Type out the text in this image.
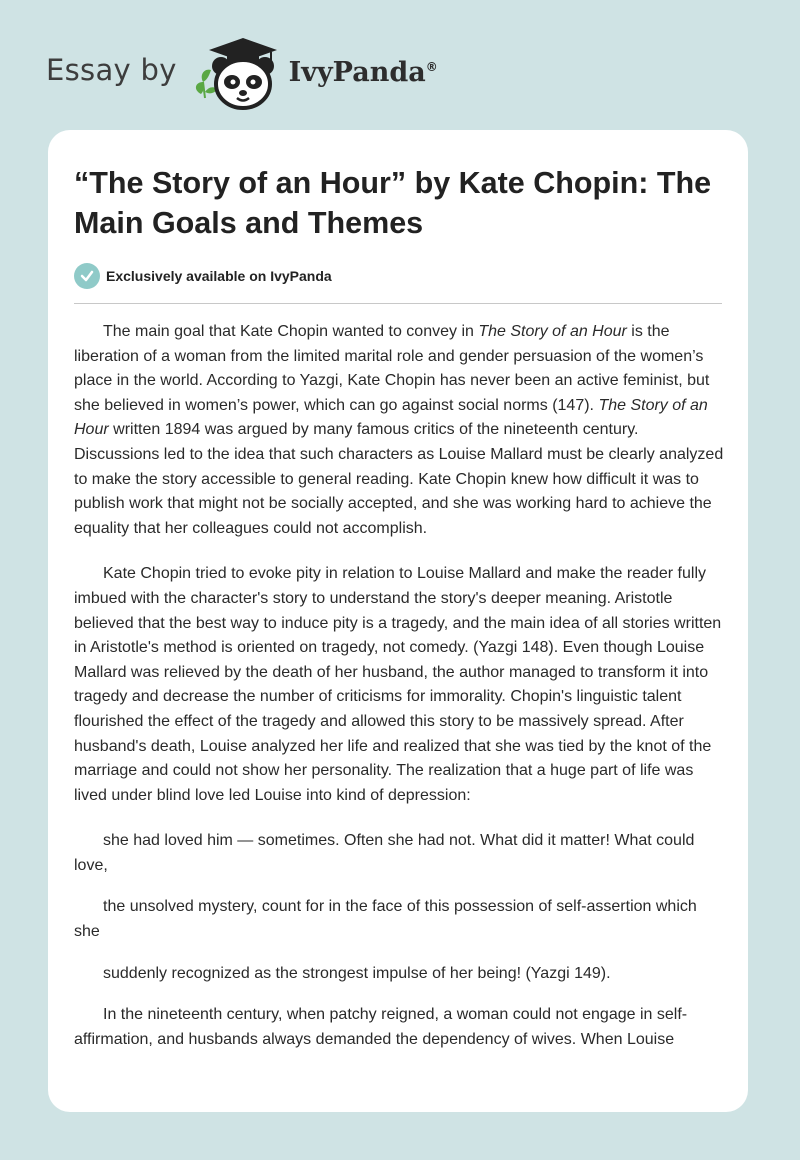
Essay by	IvyPanda®
“The Story of an Hour” by Kate Chopin: The Main Goals and Themes
Exclusively available on IvyPanda

The main goal that Kate Chopin wanted to convey in The Story of an Hour is the liberation of a woman from the limited marital role and gender persuasion of the women’s place in the world. According to Yazgi, Kate Chopin has never been an active feminist, but she believed in women’s power, which can go against social norms (147). The Story of an Hour written 1894 was argued by many famous critics of the nineteenth century. Discussions led to the idea that such characters as Louise Mallard must be clearly analyzed to make the story accessible to general reading. Kate Chopin knew how difficult it was to publish work that might not be socially accepted, and she was working hard to achieve the equality that her colleagues could not accomplish.

Kate Chopin tried to evoke pity in relation to Louise Mallard and make the reader fully imbued with the character's story to understand the story's deeper meaning. Aristotle believed that the best way to induce pity is a tragedy, and the main idea of all stories written in Aristotle's method is oriented on tragedy, not comedy. (Yazgi 148). Even though Louise Mallard was relieved by the death of her husband, the author managed to transform it into tragedy and decrease the number of criticisms for immorality. Chopin's linguistic talent flourished the effect of the tragedy and allowed this story to be massively spread. After husband's death, Louise analyzed her life and realized that she was tied by the knot of the marriage and could not show her personality. The realization that a huge part of life was lived under blind love led Louise into kind of depression:

she had loved him — sometimes. Often she had not. What did it matter! What could love,

the unsolved mystery, count for in the face of this possession of self-assertion which she

suddenly recognized as the strongest impulse of her being! (Yazgi 149).

In the nineteenth century, when patchy reigned, a woman could not engage in self-affirmation, and husbands always demanded the dependency of wives. When Louise
